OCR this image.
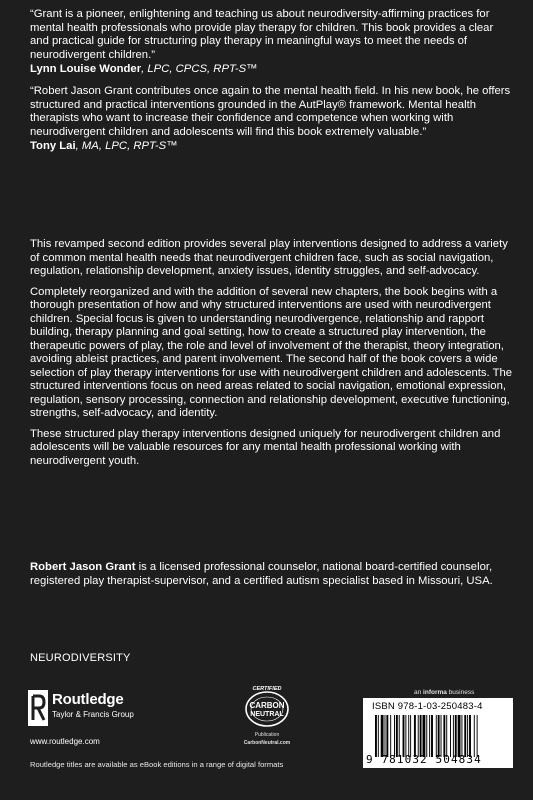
“Grant is a pioneer, enlightening and teaching us about neurodiversity-affirming practices for mental health professionals who provide play therapy for children. This book provides a clear and practical guide for structuring play therapy in meaningful ways to meet the needs of neurodivergent children.”

Lynn Louise Wonder, LPC, CPCS, RPT-S™

“Robert Jason Grant contributes once again to the mental health field. In his new book, he offers structured and practical interventions grounded in the AutPlay® framework. Mental health therapists who want to increase their confidence and competence when working with neurodivergent children and adolescents will find this book extremely valuable.”

Tony Lai, MA, LPC, RPT-S™

This revamped second edition provides several play interventions designed to address a variety of common mental health needs that neurodivergent children face, such as social navigation, regulation, relationship development, anxiety issues, identity struggles, and self-advocacy.

Completely reorganized and with the addition of several new chapters, the book begins with a thorough presentation of how and why structured interventions are used with neurodivergent children. Special focus is given to understanding neurodivergence, relationship and rapport building, therapy planning and goal setting, how to create a structured play intervention, the therapeutic powers of play, the role and level of involvement of the therapist, theory integration, avoiding ableist practices, and parent involvement. The second half of the book covers a wide selection of play therapy interventions for use with neurodivergent children and adolescents. The structured interventions focus on need areas related to social navigation, emotional expression, regulation, sensory processing, connection and relationship development, executive functioning, strengths, self-advocacy, and identity.

These structured play therapy interventions designed uniquely for neurodivergent children and adolescents will be valuable resources for any mental health professional working with neurodivergent youth.

Robert Jason Grant is a licensed professional counselor, national board-certified counselor, registered play therapist-supervisor, and a certified autism specialist based in Missouri, USA.
NEURODIVERSITY
Routledge
Taylor & Francis Group
www.routledge.com
Routledge titles are available as eBook editions in a range of digital formats
CERTIFIED
CARBON
NEUTRAL
Publication
CarbonNeutral.com
an informa business
ISBN 978-1-03-250483-4
9 781032 504834
